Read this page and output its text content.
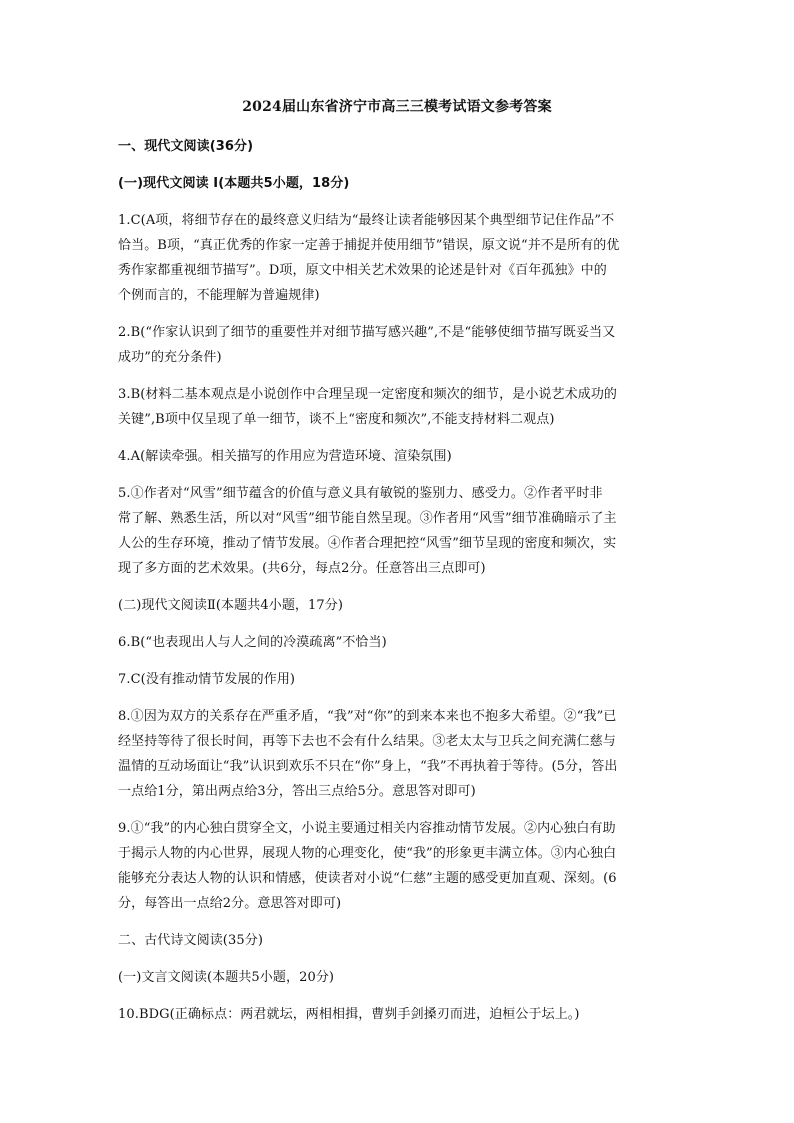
2024届山东省济宁市高三三模考试语文参考答案
一、现代文阅读(36分)
(一)现代文阅读 I(本题共5小题，18分)
1.C(A项，将细节存在的最终意义归结为“最终让读者能够因某个典型细节记住作品”不
恰当。B项，“真正优秀的作家一定善于捕捉并使用细节”错误，原文说“并不是所有的优
秀作家都重视细节描写”。D项，原文中相关艺术效果的论述是针对《百年孤独》中的
个例而言的，不能理解为普遍规律)
2.B(“作家认识到了细节的重要性并对细节描写感兴趣”,不是“能够使细节描写既妥当又
成功”的充分条件)
3.B(材料二基本观点是小说创作中合理呈现一定密度和频次的细节，是小说艺术成功的
关键”,B项中仅呈现了单一细节，谈不上“密度和频次”,不能支持材料二观点)
4.A(解读牵强。相关描写的作用应为营造环境、渲染氛围)
5.①作者对“风雪”细节蕴含的价值与意义具有敏锐的鉴别力、感受力。②作者平时非
常了解、熟悉生活，所以对“风雪”细节能自然呈现。③作者用“风雪”细节准确暗示了主
人公的生存环境，推动了情节发展。④作者合理把控“风雪”细节呈现的密度和频次，实
现了多方面的艺术效果。(共6分，每点2分。任意答出三点即可)
(二)现代文阅读Ⅱ(本题共4小题，17分)
6.B(“也表现出人与人之间的冷漠疏离”不恰当)
7.C(没有推动情节发展的作用)
8.①因为双方的关系存在严重矛盾，“我”对“你”的到来本来也不抱多大希望。②“我”已
经坚持等待了很长时间，再等下去也不会有什么结果。③老太太与卫兵之间充满仁慈与
温情的互动场面让“我”认识到欢乐不只在“你”身上，“我”不再执着于等待。(5分，答出
一点给1分，第出两点给3分，答出三点给5分。意思答对即可)
9.①“我”的内心独白贯穿全文，小说主要通过相关内容推动情节发展。②内心独白有助
于揭示人物的内心世界，展现人物的心理变化，使“我”的形象更丰满立体。③内心独白
能够充分表达人物的认识和情感，使读者对小说“仁慈”主题的感受更加直观、深刻。(6
分，每答出一点给2分。意思答对即可)
二、古代诗文阅读(35分)
(一)文言文阅读(本题共5小题，20分)
10.BDG(正确标点：两君就坛，两相相揖，曹刿手剑搡刃而进，迫桓公于坛上。)
